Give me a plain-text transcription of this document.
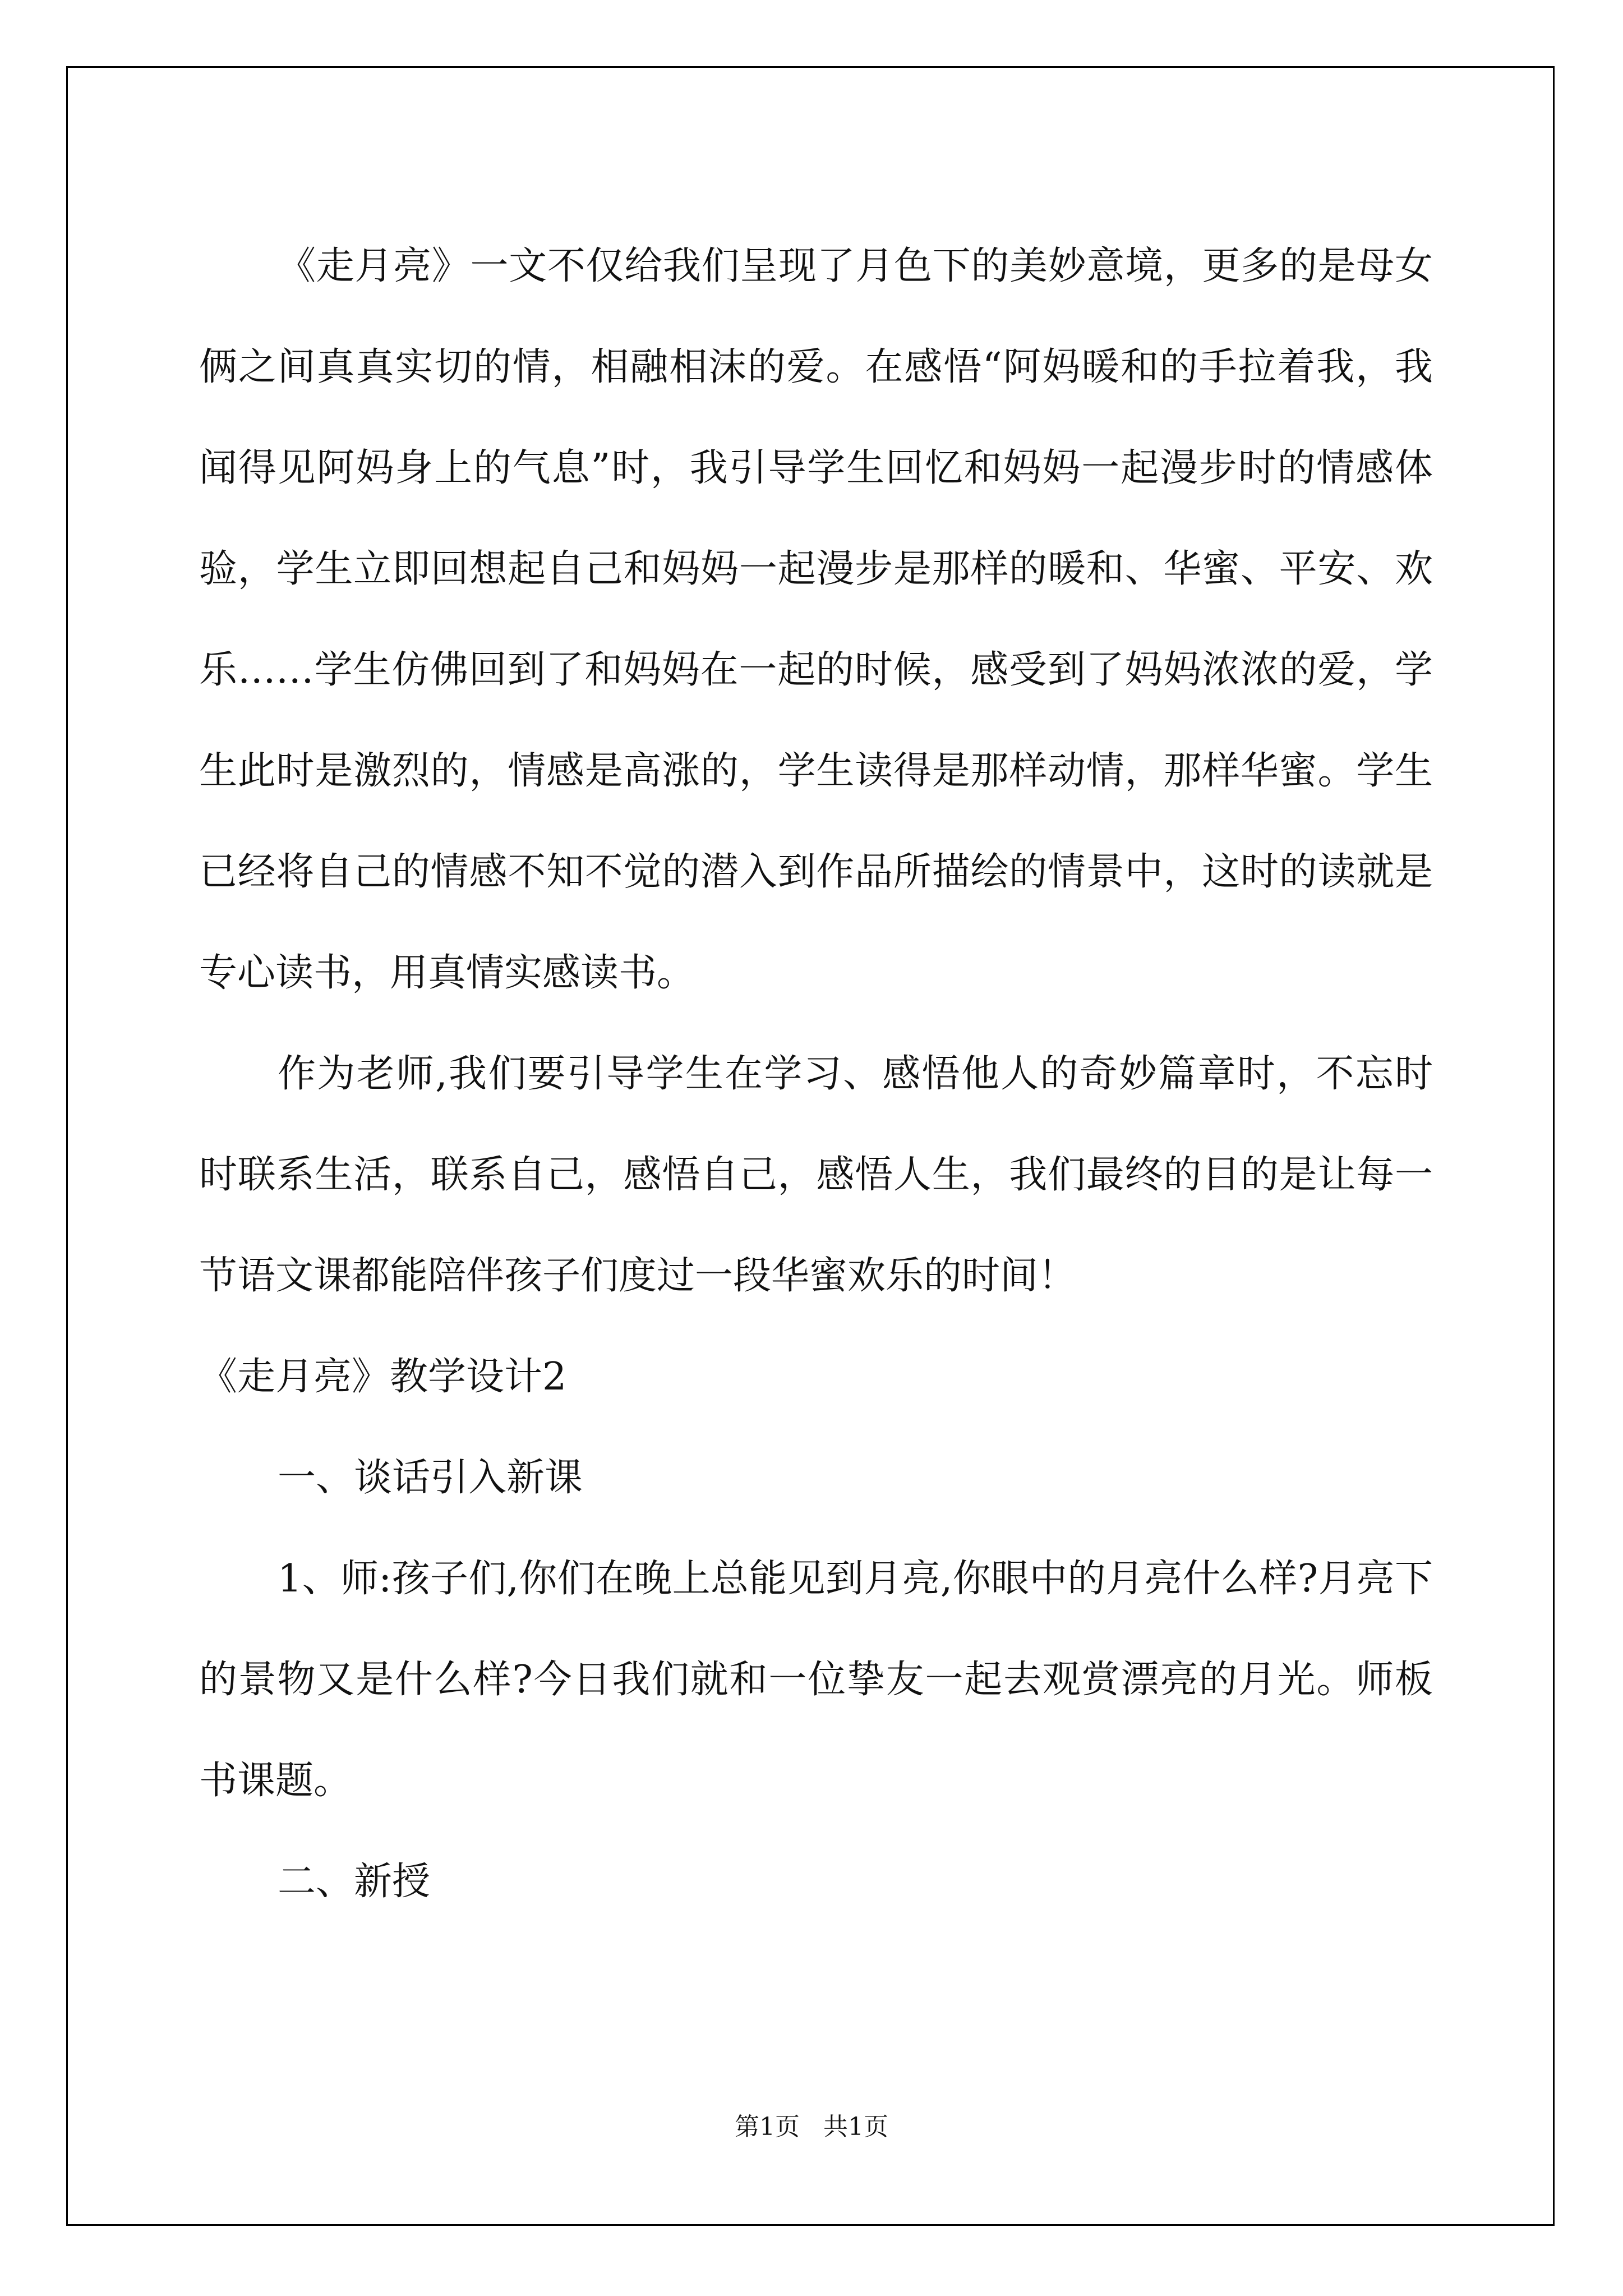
《走月亮》一文不仅给我们呈现了月色下的美妙意境，更多的是母女俩之间真真实切的情，相融相沫的爱。在感悟“阿妈暖和的手拉着我，我闻得见阿妈身上的气息”时，我引导学生回忆和妈妈一起漫步时的情感体验，学生立即回想起自己和妈妈一起漫步是那样的暖和、华蜜、平安、欢乐……学生仿佛回到了和妈妈在一起的时候，感受到了妈妈浓浓的爱，学生此时是激烈的，情感是高涨的，学生读得是那样动情，那样华蜜。学生已经将自己的情感不知不觉的潜入到作品所描绘的情景中，这时的读就是专心读书，用真情实感读书。

作为老师,我们要引导学生在学习、感悟他人的奇妙篇章时，不忘时时联系生活，联系自己，感悟自己，感悟人生，我们最终的目的是让每一节语文课都能陪伴孩子们度过一段华蜜欢乐的时间！

《走月亮》教学设计2

一、谈话引入新课

1、师:孩子们,你们在晚上总能见到月亮,你眼中的月亮什么样?月亮下的景物又是什么样?今日我们就和一位挚友一起去观赏漂亮的月光。师板书课题。

二、新授

第1页 共1页
